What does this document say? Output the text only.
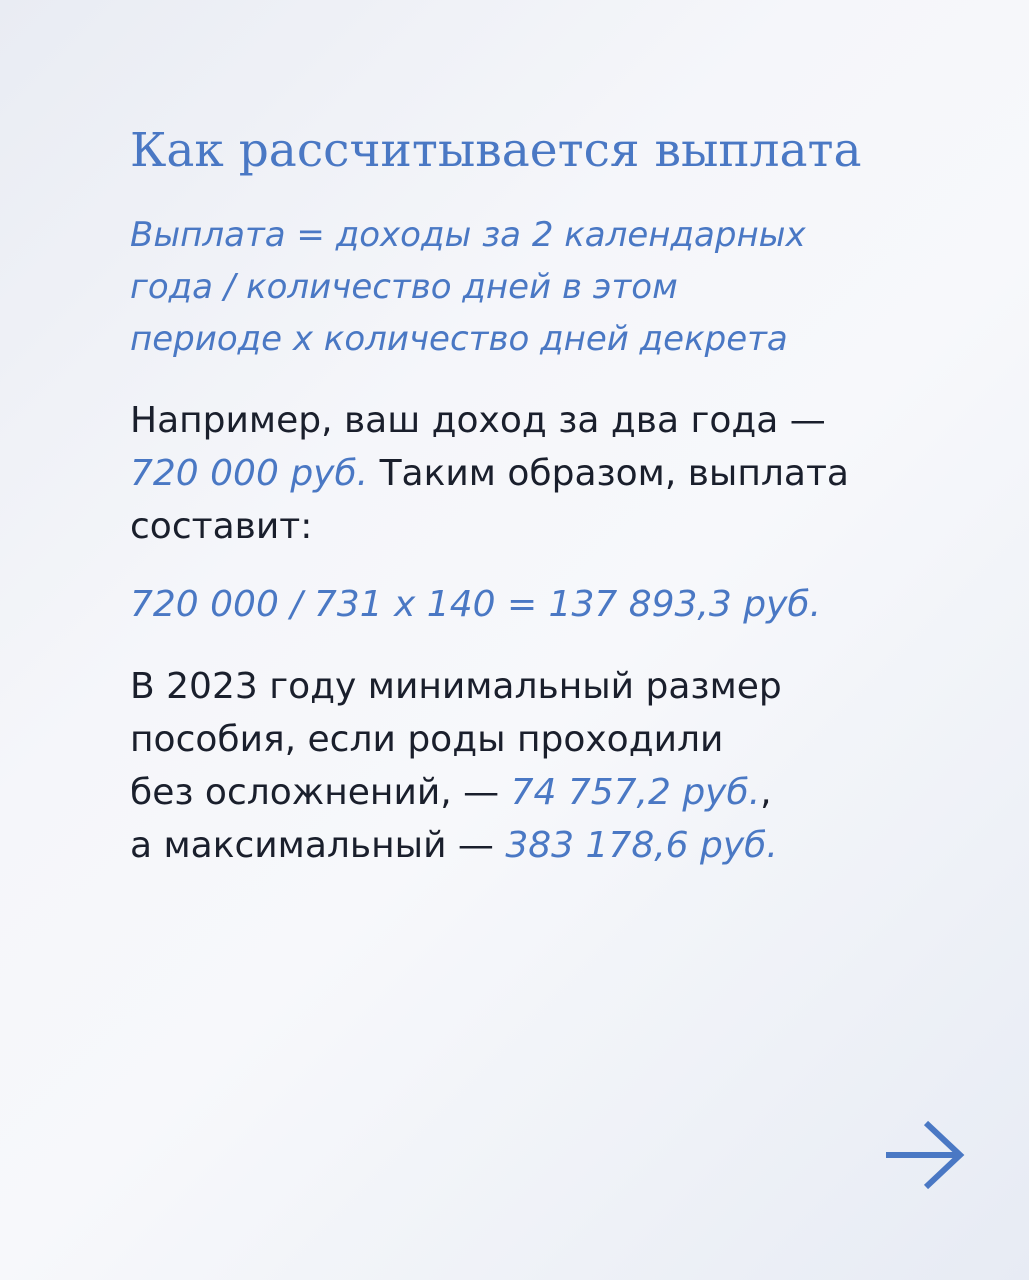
Как рассчитывается выплата

Выплата = доходы за 2 календарных
года / количество дней в этом
периоде х количество дней декрета

Например, ваш доход за два года —
720 000 руб. Таким образом, выплата
составит:

720 000 / 731 х 140 = 137 893,3 руб.

В 2023 году минимальный размер
пособия, если роды проходили
без осложнений, — 74 757,2 руб.,
а максимальный — 383 178,6 руб.
